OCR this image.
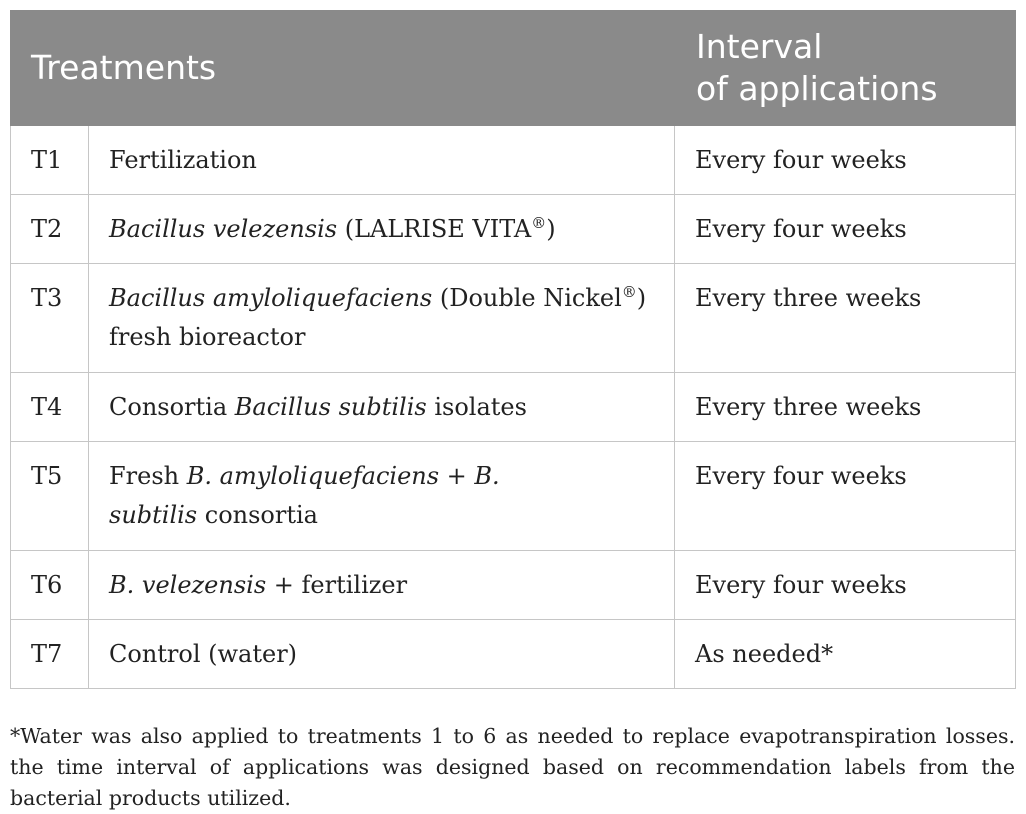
Treatments		Interval
of applications
T1	Fertilization	Every four weeks
T2	Bacillus velezensis (LALRISE VITA®)	Every four weeks
T3	Bacillus amyloliquefaciens (Double Nickel®)
fresh bioreactor	Every three weeks
T4	Consortia Bacillus subtilis isolates	Every three weeks
T5	Fresh B. amyloliquefaciens + B.
subtilis consortia	Every four weeks
T6	B. velezensis + fertilizer	Every four weeks
T7	Control (water)	As needed*

*Water was also applied to treatments 1 to 6 as needed to replace evapotranspiration losses. the time interval of applications was designed based on recommendation labels from the bacterial products utilized.
